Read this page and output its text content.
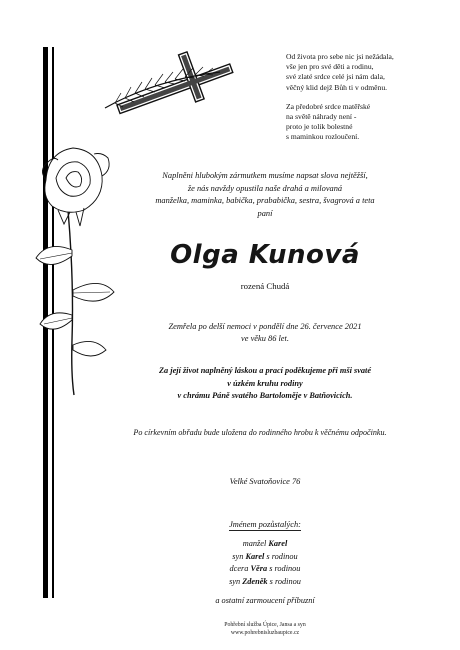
Od života pro sebe nic jsi nežádala,
vše jen pro své děti a rodinu,
své zlaté srdce celé jsi nám dala,
věčný klid dejž Bůh ti v odměnu.
Za předobré srdce matěřské
na světě náhrady není -
proto je tolik bolestné
s maminkou rozloučení.
Naplněni hlubokým zármutkem musíme napsat slova nejtěžší,
že nás navždy opustila naše drahá a milovaná
manželka, maminka, babička, prababička, sestra, švagrová a teta
paní
Olga Kunová
rozená Chudá
Zemřela po delší nemoci v pondělí dne 26. července 2021
ve věku 86 let.
Za její život naplněný láskou a prací poděkujeme při mši svaté
v úzkém kruhu rodiny
v chrámu Páně svatého Bartoloměje v Batňovicích.
Po církevním obřadu bude uložena do rodinného hrobu k věčnému odpočinku.
Velké Svatoňovice 76
Jménem pozůstalých:
manžel Karel
syn Karel s rodinou
dcera Věra s rodinou
syn Zdeněk s rodinou
a ostatní zarmoucení příbuzní
Pohřební služba Úpice, Jansa a syn
www.pohrebnisluzbaupice.cz
